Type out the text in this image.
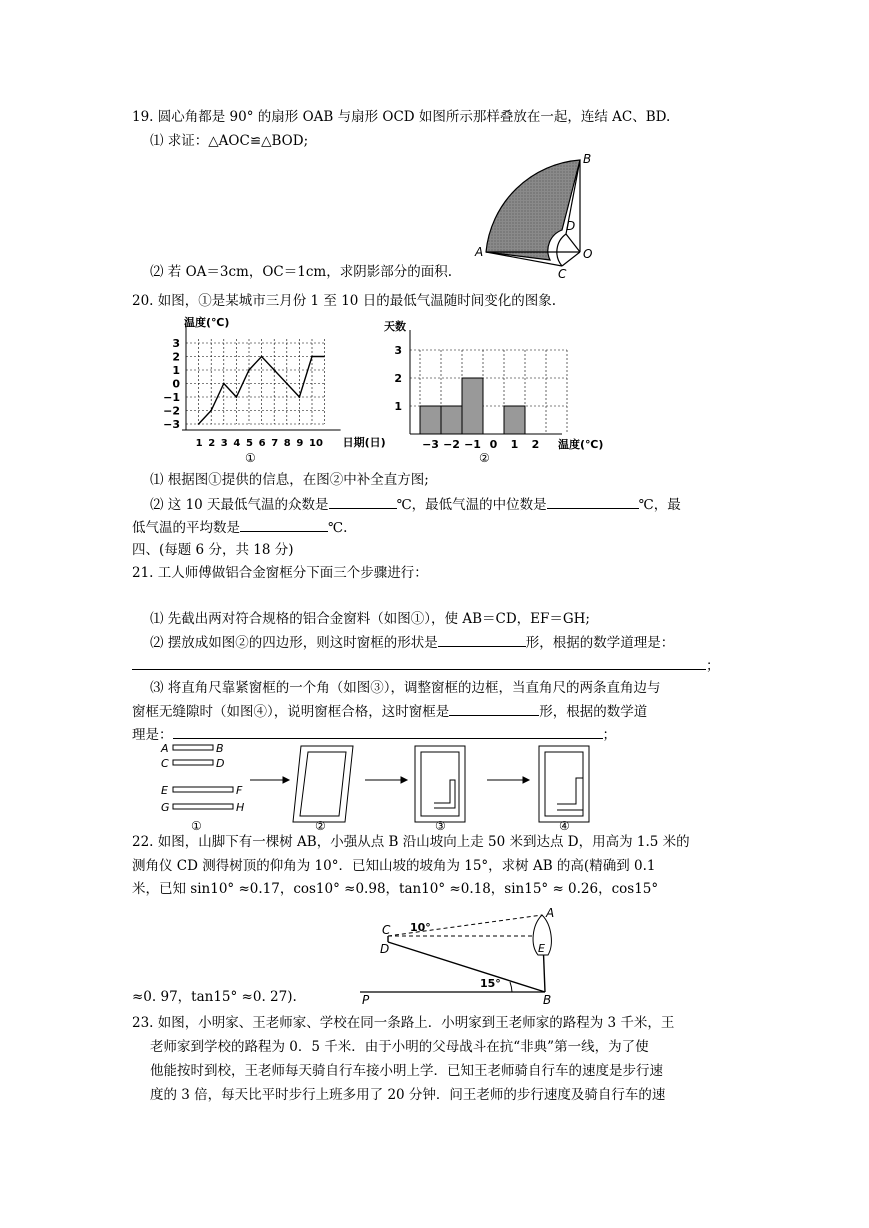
19. 圆心角都是 90° 的扇形 OAB 与扇形 OCD 如图所示那样叠放在一起，连结 AC、BD.
⑴ 求证：△AOC≌△BOD;
⑵ 若 OA＝3cm，OC＝1cm，求阴影部分的面积.
B
D
A	O
C
20. 如图，①是某城市三月份 1 至 10 日的最低气温随时间变化的图象.
温度(℃)
日期(日)
3
2
1
0
−1
−2
−3
1 2 3 4 5 6 7 8 9 10
①
天数
温度(℃)
3
2
1
−3 −2 −1 0 1 2
②
⑴ 根据图①提供的信息，在图②中补全直方图;
⑵ 这 10 天最低气温的众数是	℃，最低气温的中位数是	℃，最
低气温的平均数是	℃.
四、(每题 6 分，共 18 分)
21. 工人师傅做铝合金窗框分下面三个步骤进行：
⑴ 先截出两对符合规格的铝合金窗料（如图①），使 AB＝CD，EF＝GH;
⑵ 摆放成如图②的四边形，则这时窗框的形状是	形，根据的数学道理是：
；
⑶ 将直角尺靠紧窗框的一个角（如图③），调整窗框的边框，当直角尺的两条直角边与
窗框无缝隙时（如图④），说明窗框合格，这时窗框是	形，根据的数学道
理是：	；
A	B
C	D
E	F
G	H
①	②	③	④
22. 如图，山脚下有一棵树 AB，小强从点 B 沿山坡向上走 50 米到达点 D，用高为 1.5 米的
测角仪 CD 测得树顶的仰角为 10°．已知山坡的坡角为 15°，求树 AB 的高(精确到 0.1
米，已知 sin10° ≈0.17，cos10° ≈0.98，tan10° ≈0.18，sin15° ≈ 0.26，cos15°
A
C
D	E
B
P
10°
15°
≈0. 97，tan15° ≈0. 27).
23. 如图，小明家、王老师家、学校在同一条路上．小明家到王老师家的路程为 3 千米，王
老师家到学校的路程为 0．5 千米．由于小明的父母战斗在抗“非典”第一线，为了使
他能按时到校，王老师每天骑自行车接小明上学．已知王老师骑自行车的速度是步行速
度的 3 倍，每天比平时步行上班多用了 20 分钟．问王老师的步行速度及骑自行车的速
